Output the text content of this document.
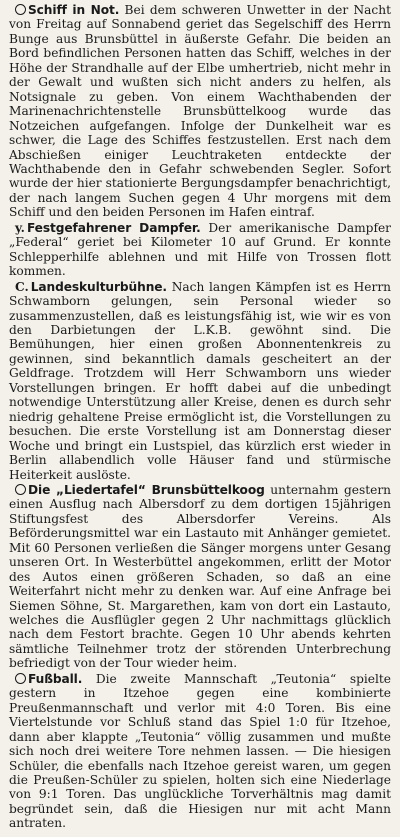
Schiff in Not. Bei dem schweren Unwetter in der Nacht von Freitag auf Sonnabend geriet das Segelschiff des Herrn Bunge aus Brunsbüttel in äußerste Gefahr. Die beiden an Bord befindlichen Personen hatten das Schiff, welches in der Höhe der Strandhalle auf der Elbe umhertrieb, nicht mehr in der Gewalt und wußten sich nicht anders zu helfen, als Notsignale zu geben. Von einem Wachthabenden der Marinenachrichtenstelle Brunsbüttelkoog wurde das Notzeichen aufgefangen. Infolge der Dunkelheit war es schwer, die Lage des Schiffes festzustellen. Erst nach dem Abschießen einiger Leuchtraketen entdeckte der Wachthabende den in Gefahr schwebenden Segler. Sofort wurde der hier stationierte Bergungsdampfer benachrichtigt, der nach langem Suchen gegen 4 Uhr morgens mit dem Schiff und den beiden Personen im Hafen eintraf.

y. Festgefahrener Dampfer. Der amerikanische Dampfer „Federal“ geriet bei Kilometer 10 auf Grund. Er konnte Schlepperhilfe ablehnen und mit Hilfe von Trossen flott kommen.

C. Landeskulturbühne. Nach langen Kämpfen ist es Herrn Schwamborn gelungen, sein Personal wieder so zusammenzustellen, daß es leistungsfähig ist, wie wir es von den Darbietungen der L.K.B. gewöhnt sind. Die Bemühungen, hier einen großen Abonnentenkreis zu gewinnen, sind bekanntlich damals gescheitert an der Geldfrage. Trotzdem will Herr Schwamborn uns wieder Vorstellungen bringen. Er hofft dabei auf die unbedingt notwendige Unterstützung aller Kreise, denen es durch sehr niedrig gehaltene Preise ermöglicht ist, die Vorstellungen zu besuchen. Die erste Vorstellung ist am Donnerstag dieser Woche und bringt ein Lustspiel, das kürzlich erst wieder in Berlin allabendlich volle Häuser fand und stürmische Heiterkeit auslöste.

Die „Liedertafel“ Brunsbüttelkoog unternahm gestern einen Ausflug nach Albersdorf zu dem dortigen 15jährigen Stiftungsfest des Albersdorfer Vereins. Als Beförderungsmittel war ein Lastauto mit Anhänger gemietet. Mit 60 Personen verließen die Sänger morgens unter Gesang unseren Ort. In Westerbüttel angekommen, erlitt der Motor des Autos einen größeren Schaden, so daß an eine Weiterfahrt nicht mehr zu denken war. Auf eine Anfrage bei Siemen Söhne, St. Margarethen, kam von dort ein Lastauto, welches die Ausflügler gegen 2 Uhr nachmittags glücklich nach dem Festort brachte. Gegen 10 Uhr abends kehrten sämtliche Teilnehmer trotz der störenden Unterbrechung befriedigt von der Tour wieder heim.

Fußball. Die zweite Mannschaft „Teutonia“ spielte gestern in Itzehoe gegen eine kombinierte Preußenmannschaft und verlor mit 4:0 Toren. Bis eine Viertelstunde vor Schluß stand das Spiel 1:0 für Itzehoe, dann aber klappte „Teutonia“ völlig zusammen und mußte sich noch drei weitere Tore nehmen lassen. — Die hiesigen Schüler, die ebenfalls nach Itzehoe gereist waren, um gegen die Preußen-Schüler zu spielen, holten sich eine Niederlage von 9:1 Toren. Das unglückliche Torverhältnis mag damit begründet sein, daß die Hiesigen nur mit acht Mann antraten.
